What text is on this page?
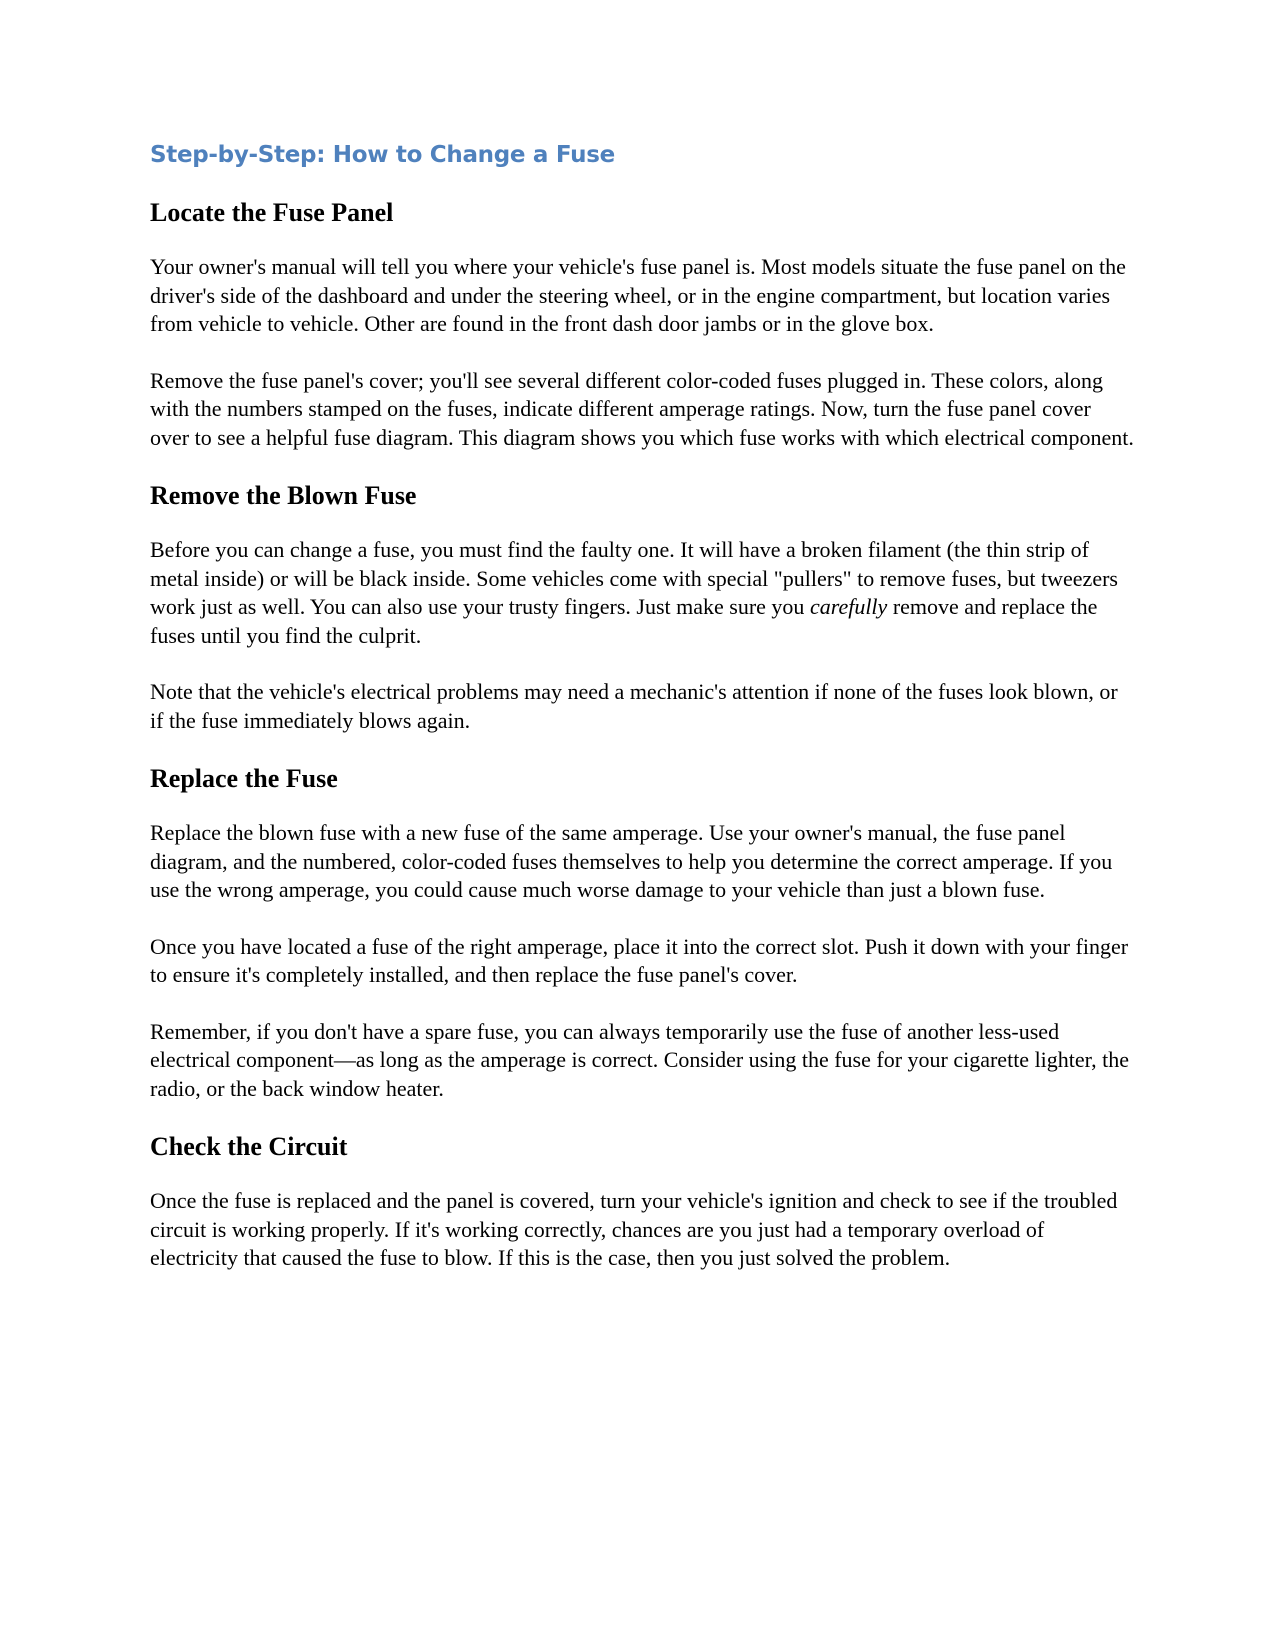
Step-by-Step: How to Change a Fuse
Locate the Fuse Panel

Your owner's manual will tell you where your vehicle's fuse panel is. Most models situate the fuse panel on the driver's side of the dashboard and under the steering wheel, or in the engine compartment, but location varies from vehicle to vehicle. Other are found in the front dash door jambs or in the glove box.

Remove the fuse panel's cover; you'll see several different color-coded fuses plugged in. These colors, along with the numbers stamped on the fuses, indicate different amperage ratings. Now, turn the fuse panel cover over to see a helpful fuse diagram. This diagram shows you which fuse works with which electrical component.

Remove the Blown Fuse

Before you can change a fuse, you must find the faulty one. It will have a broken filament (the thin strip of metal inside) or will be black inside. Some vehicles come with special "pullers" to remove fuses, but tweezers work just as well. You can also use your trusty fingers. Just make sure you carefully remove and replace the fuses until you find the culprit.

Note that the vehicle's electrical problems may need a mechanic's attention if none of the fuses look blown, or if the fuse immediately blows again.

Replace the Fuse

Replace the blown fuse with a new fuse of the same amperage. Use your owner's manual, the fuse panel diagram, and the numbered, color-coded fuses themselves to help you determine the correct amperage. If you use the wrong amperage, you could cause much worse damage to your vehicle than just a blown fuse.

Once you have located a fuse of the right amperage, place it into the correct slot. Push it down with your finger to ensure it's completely installed, and then replace the fuse panel's cover.

Remember, if you don't have a spare fuse, you can always temporarily use the fuse of another less-used electrical component—as long as the amperage is correct. Consider using the fuse for your cigarette lighter, the radio, or the back window heater.

Check the Circuit

Once the fuse is replaced and the panel is covered, turn your vehicle's ignition and check to see if the troubled circuit is working properly. If it's working correctly, chances are you just had a temporary overload of electricity that caused the fuse to blow. If this is the case, then you just solved the problem.
